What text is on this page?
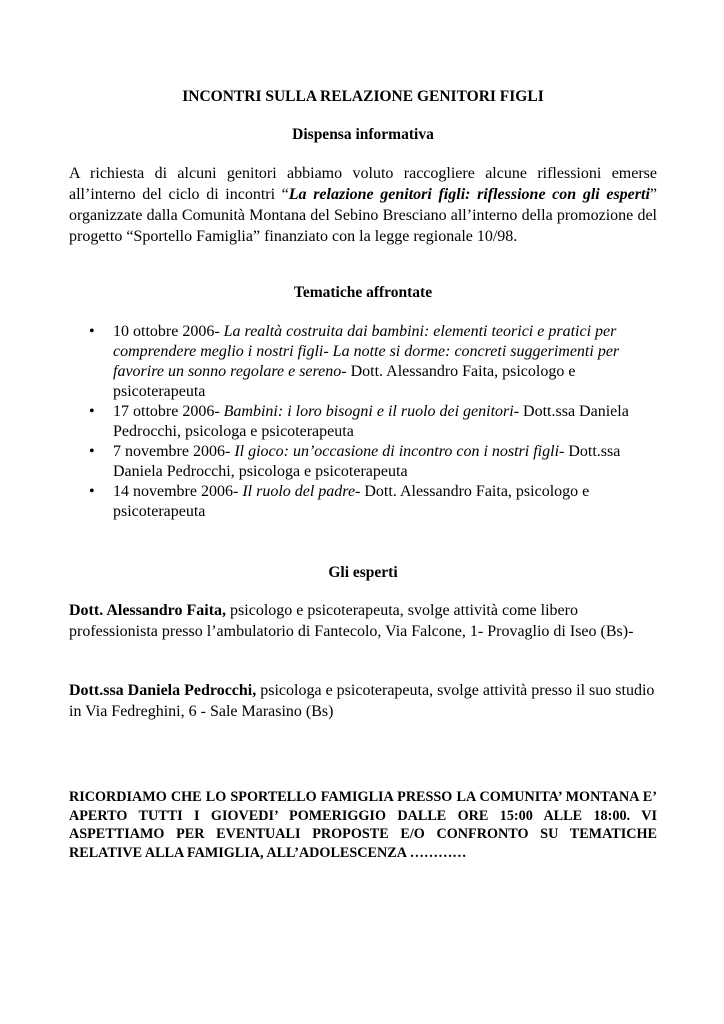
INCONTRI SULLA RELAZIONE GENITORI FIGLI
Dispensa informativa

A richiesta di alcuni genitori abbiamo voluto raccogliere alcune riflessioni emerse all’interno del ciclo di incontri “La relazione genitori figli: riflessione con gli esperti” organizzate dalla Comunità Montana del Sebino Bresciano all’interno della promozione del progetto “Sportello Famiglia” finanziato con la legge regionale 10/98.

Tematiche affrontate
• 10 ottobre 2006- La realtà costruita dai bambini: elementi teorici e pratici per comprendere meglio i nostri figli- La notte si dorme: concreti suggerimenti per favorire un sonno regolare e sereno- Dott. Alessandro Faita, psicologo e psicoterapeuta
• 17 ottobre 2006- Bambini: i loro bisogni e il ruolo dei genitori- Dott.ssa Daniela Pedrocchi, psicologa e psicoterapeuta
• 7 novembre 2006- Il gioco: un’occasione di incontro con i nostri figli- Dott.ssa Daniela Pedrocchi, psicologa e psicoterapeuta
• 14 novembre 2006- Il ruolo del padre- Dott. Alessandro Faita, psicologo e psicoterapeuta
Gli esperti

Dott. Alessandro Faita, psicologo e psicoterapeuta, svolge attività come libero professionista presso l’ambulatorio di Fantecolo, Via Falcone, 1- Provaglio di Iseo (Bs)-

Dott.ssa Daniela Pedrocchi, psicologa e psicoterapeuta, svolge attività presso il suo studio in Via Fedreghini, 6 - Sale Marasino (Bs)

RICORDIAMO CHE LO SPORTELLO FAMIGLIA PRESSO LA COMUNITA’ MONTANA E’ APERTO TUTTI I GIOVEDI’ POMERIGGIO DALLE ORE 15:00 ALLE 18:00. VI ASPETTIAMO PER EVENTUALI PROPOSTE E/O CONFRONTO SU TEMATICHE RELATIVE ALLA FAMIGLIA, ALL’ADOLESCENZA …………
